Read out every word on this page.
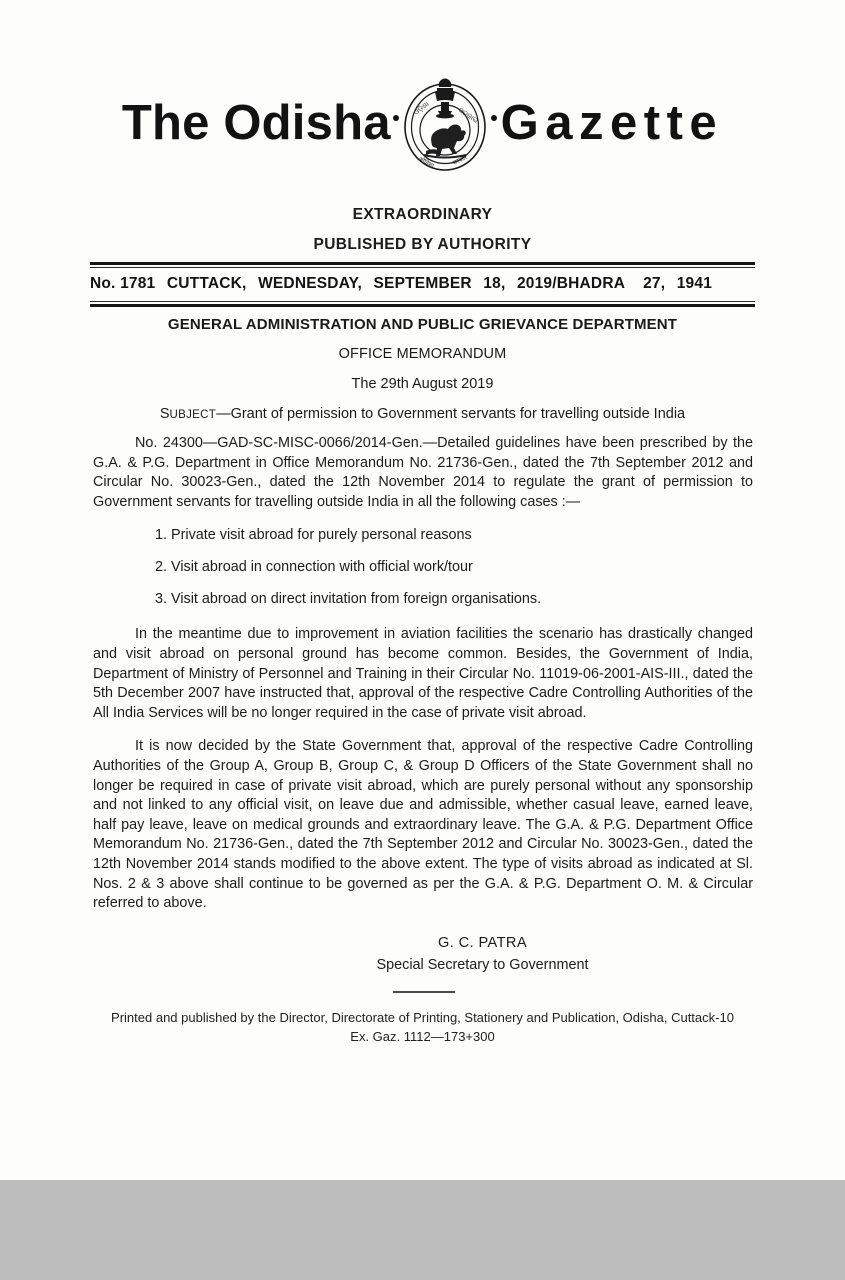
The Odisha	ଓଡ଼ିଶା	ସରକାର
ओड़िशा	सरकार
Gazette
EXTRAORDINARY
PUBLISHED BY AUTHORITY
No. 1781 CUTTACK, WEDNESDAY, SEPTEMBER 18, 2019/BHADRA 27, 1941
GENERAL ADMINISTRATION AND PUBLIC GRIEVANCE DEPARTMENT
OFFICE MEMORANDUM
The 29th August 2019
SUBJECT—Grant of permission to Government servants for travelling outside India

No. 24300—GAD-SC-MISC-0066/2014-Gen.—Detailed guidelines have been prescribed by the G.A. & P.G. Department in Office Memorandum No. 21736-Gen., dated the 7th September 2012 and Circular No. 30023-Gen., dated the 12th November 2014 to regulate the grant of permission to Government servants for travelling outside India in all the following cases :—

1. Private visit abroad for purely personal reasons
2. Visit abroad in connection with official work/tour
3. Visit abroad on direct invitation from foreign organisations.

In the meantime due to improvement in aviation facilities the scenario has drastically changed and visit abroad on personal ground has become common. Besides, the Government of India, Department of Ministry of Personnel and Training in their Circular No. 11019-06-2001-AIS-III., dated the 5th December 2007 have instructed that, approval of the respective Cadre Controlling Authorities of the All India Services will be no longer required in the case of private visit abroad.

It is now decided by the State Government that, approval of the respective Cadre Controlling Authorities of the Group A, Group B, Group C, & Group D Officers of the State Government shall no longer be required in case of private visit abroad, which are purely personal without any sponsorship and not linked to any official visit, on leave due and admissible, whether casual leave, earned leave, half pay leave, leave on medical grounds and extraordinary leave. The G.A. & P.G. Department Office Memorandum No. 21736-Gen., dated the 7th September 2012 and Circular No. 30023-Gen., dated the 12th November 2014 stands modified to the above extent. The type of visits abroad as indicated at Sl. Nos. 2 & 3 above shall continue to be governed as per the G.A. & P.G. Department O. M. & Circular referred to above.

G. C. PATRA
Special Secretary to Government
Printed and published by the Director, Directorate of Printing, Stationery and Publication, Odisha, Cuttack-10
Ex. Gaz. 1112—173+300
